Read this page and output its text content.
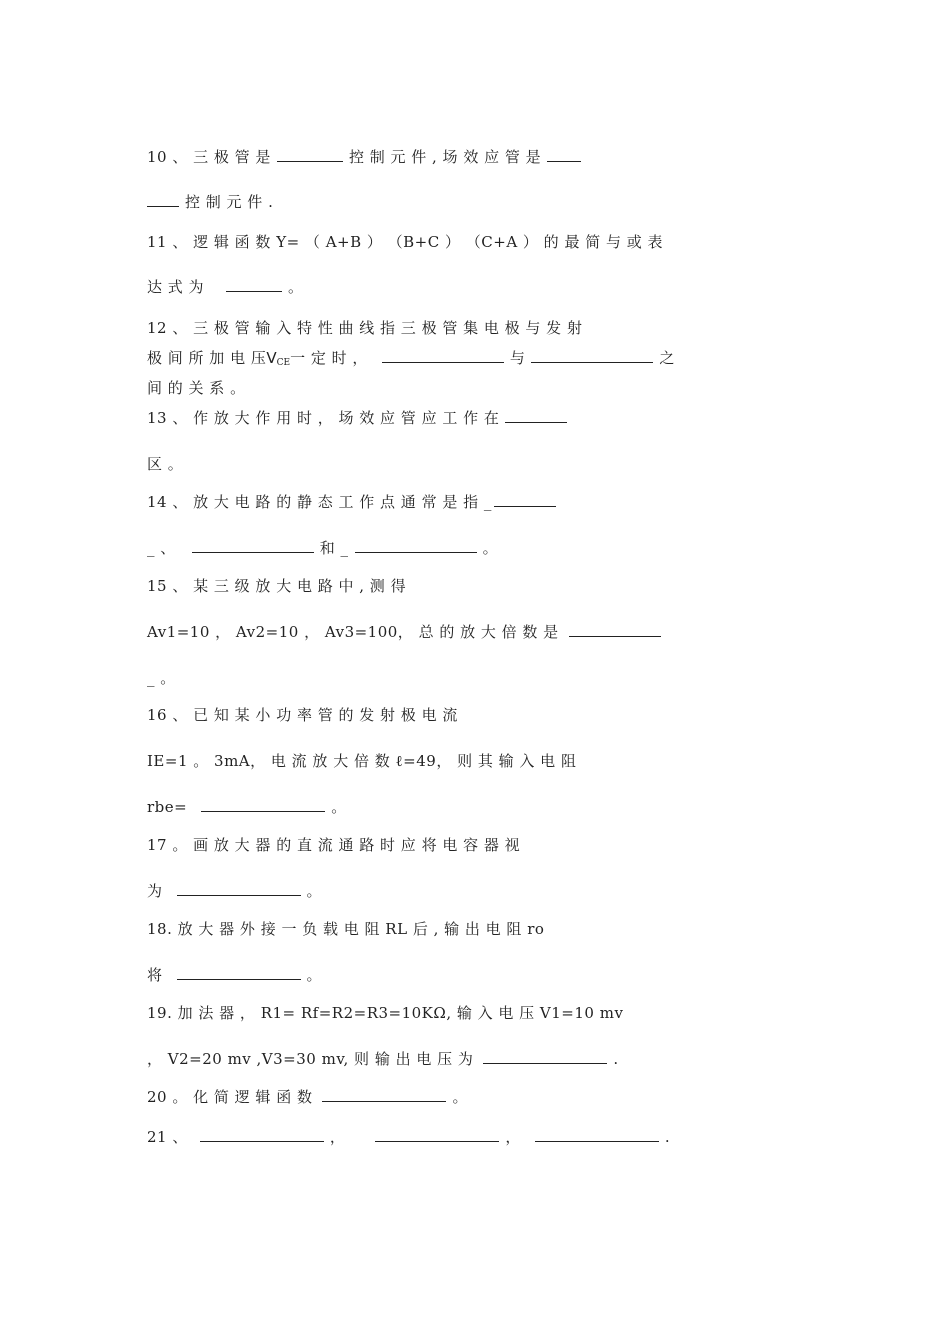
10 、 三 极 管 是	控 制 元 件 , 场 效 应 管 是
控 制 元 件 .
11 、 逻 辑 函 数 Y= （ A+B ） （B+C ） （C+A ） 的 最 简 与 或 表
达 式 为	。
12 、 三 极 管 输 入 特 性 曲 线 指 三 极 管 集 电 极 与 发 射
极 间 所 加 电 压$V_{CE}$一 定 时 ，	与	之
间 的 关 系 。
13 、 作 放 大 作 用 时 ， 场 效 应 管 应 工 作 在
区 。
14 、 放 大 电 路 的 静 态 工 作 点 通 常 是 指 _
_ 、	和 _	。
15 、 某 三 级 放 大 电 路 中 , 测 得
Av1=10 ， Av2=10 ， Av3=100， 总 的 放 大 倍 数 是
_ 。
16 、 已 知 某 小 功 率 管 的 发 射 极 电 流
IE=1 。 3mA， 电 流 放 大 倍 数 ℓ=49， 则 其 输 入 电 阻
rbe=	。
17 。 画 放 大 器 的 直 流 通 路 时 应 将 电 容 器 视
为	。
18. 放 大 器 外 接 一 负 载 电 阻 RL 后 , 输 出 电 阻 ro
将	。
19. 加 法 器 ， R1= Rf=R2=R3=10KΩ, 输 入 电 压 V1=10 mv
， V2=20 mv ,V3=30 mv, 则 输 出 电 压 为	.
20 。 化 简 逻 辑 函 数	。
21 、	，	，	.
